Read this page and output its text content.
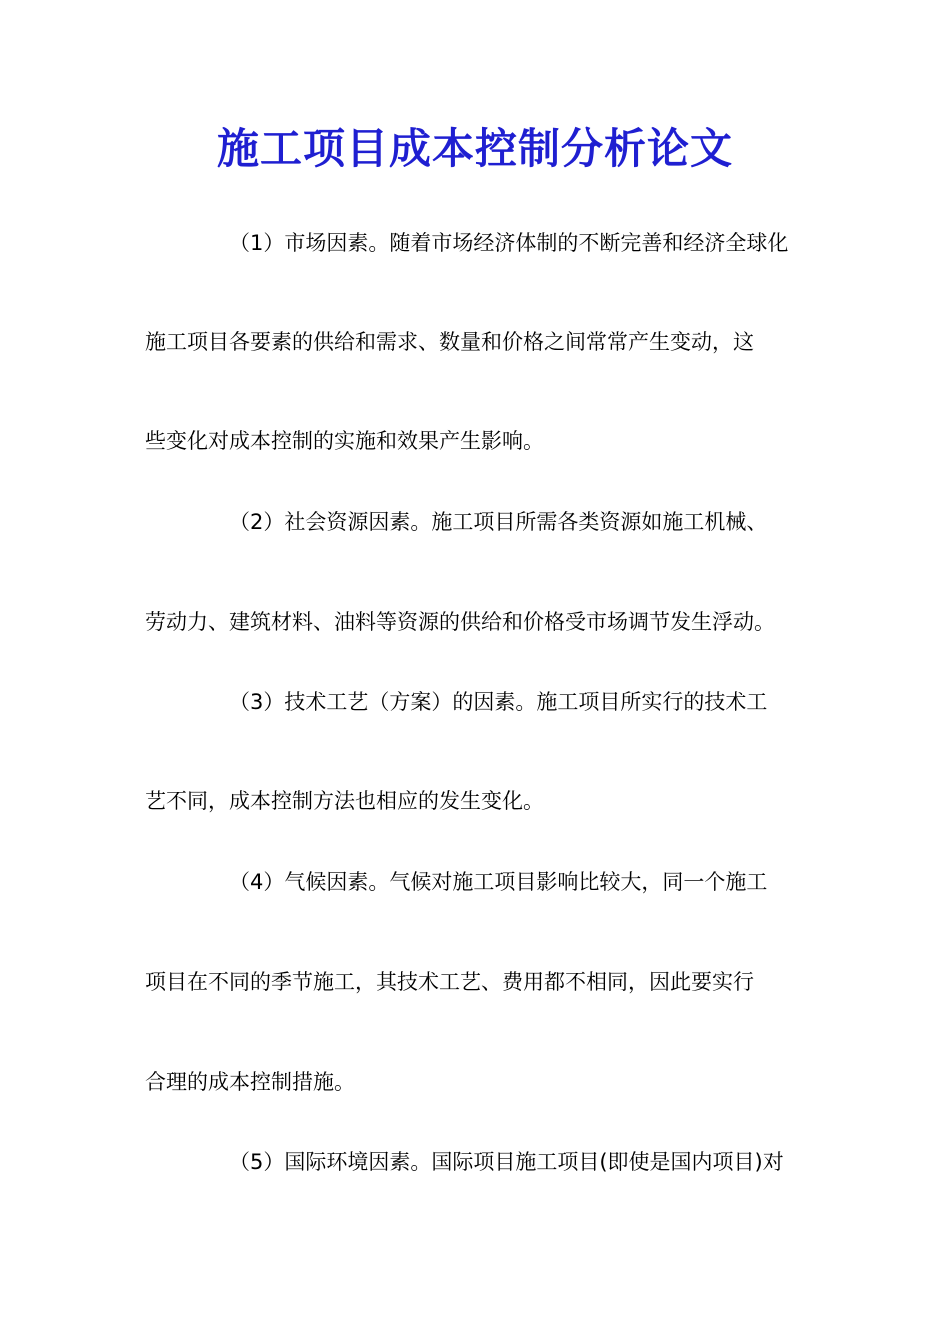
施工项目成本控制分析论文
（1）市场因素。随着市场经济体制的不断完善和经济全球化
施工项目各要素的供给和需求、数量和价格之间常常产生变动，这
些变化对成本控制的实施和效果产生影响。
（2）社会资源因素。施工项目所需各类资源如施工机械、
劳动力、建筑材料、油料等资源的供给和价格受市场调节发生浮动。
（3）技术工艺（方案）的因素。施工项目所实行的技术工
艺不同，成本控制方法也相应的发生变化。
（4）气候因素。气候对施工项目影响比较大，同一个施工
项目在不同的季节施工，其技术工艺、费用都不相同，因此要实行
合理的成本控制措施。
（5）国际环境因素。国际项目施工项目(即使是国内项目)对
